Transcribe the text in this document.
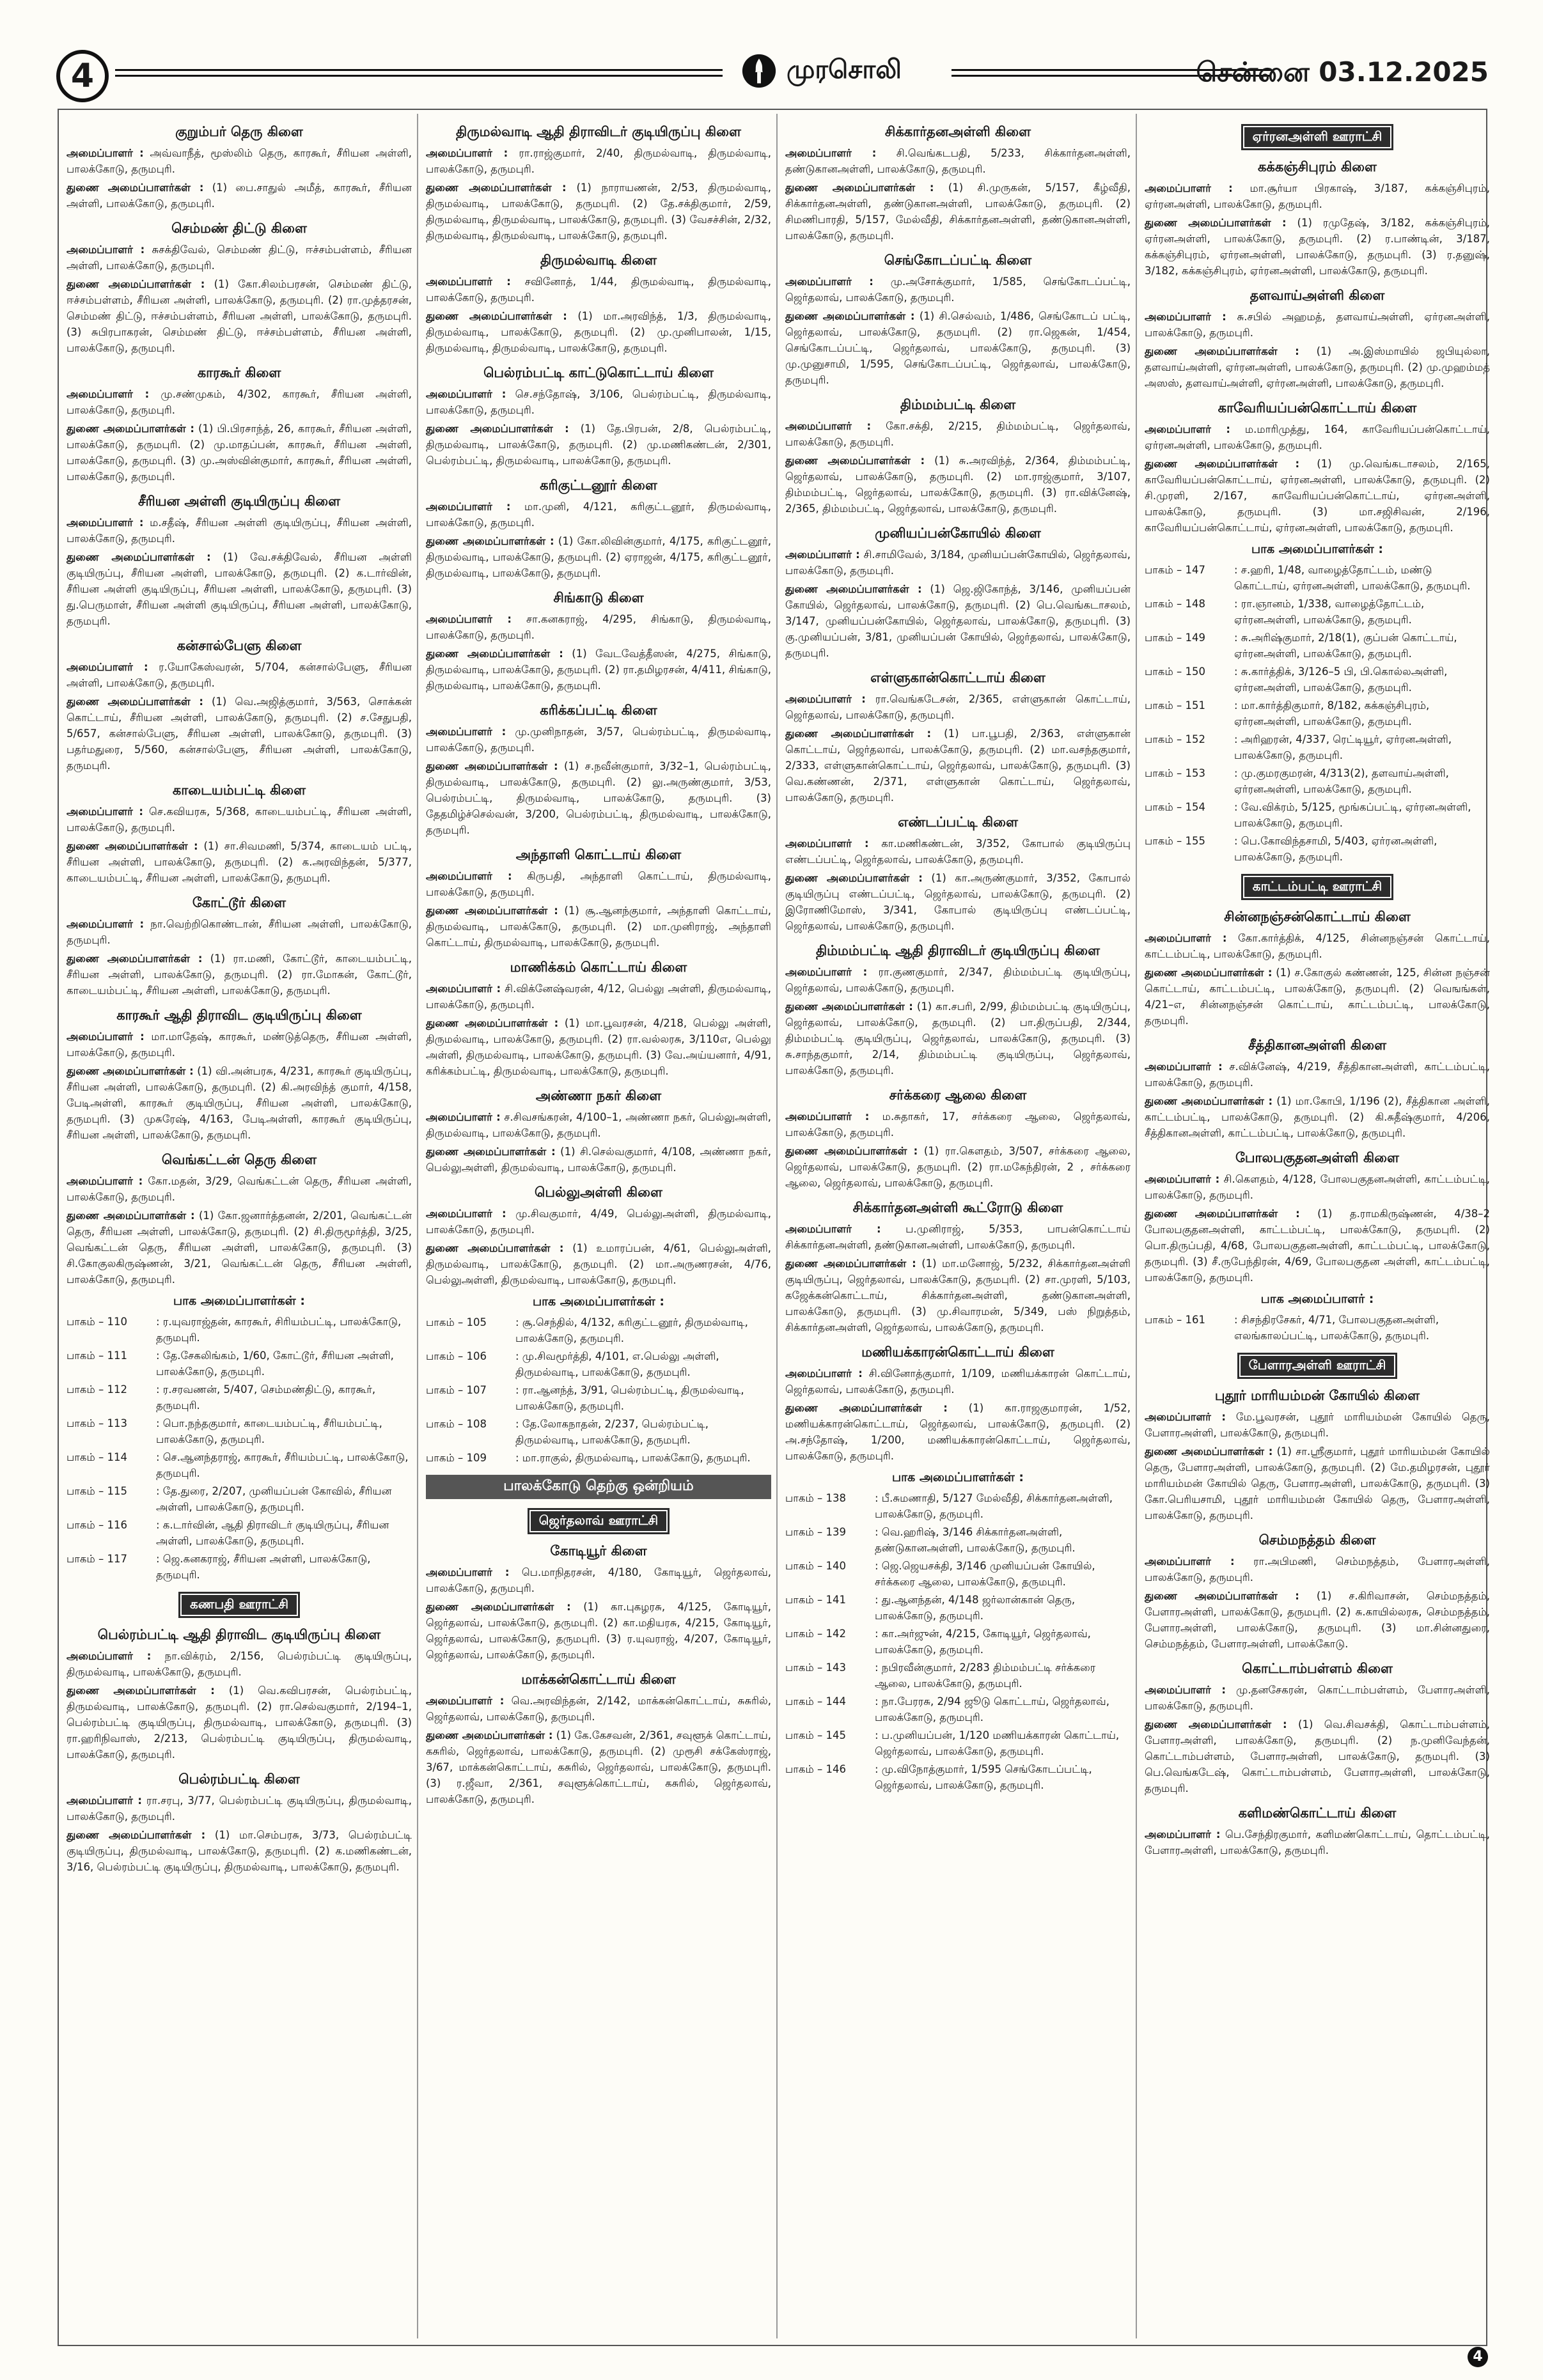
4	முரசொலி	சென்னை 03.12.2025
குறும்பர் தெரு கிளை
அமைப்பாளர் : அவ்வாநீத், மூஸ்லிம் தெரு, காரகூர், சீரியன அள்ளி, பாலக்கோடு, தருமபுரி.
துணை அமைப்பாளர்கள் : (1) பை.சாதுல் அமீத், காரகூர், சீரியன அள்ளி, பாலக்கோடு, தருமபுரி.
செம்மண் திட்டு கிளை
அமைப்பாளர் : சுசக்திவேல், செம்மண் திட்டு, ஈச்சம்பள்ளம், சீரியன அள்ளி, பாலக்கோடு, தருமபுரி.
துணை அமைப்பாளர்கள் : (1) கோ.சிலம்பரசன், செம்மண் திட்டு, ஈச்சம்பள்ளம், சீரியன அள்ளி, பாலக்கோடு, தருமபுரி. (2) ரா.முத்தரசன், செம்மண் திட்டு, ஈச்சம்பள்ளம், சீரியன அள்ளி, பாலக்கோடு, தருமபுரி. (3) சுபிரபாகரன், செம்மண் திட்டு, ஈச்சம்பள்ளம், சீரியன அள்ளி, பாலக்கோடு, தருமபுரி.
காரகூர் கிளை
அமைப்பாளர் : மு.சண்முகம், 4/302, காரகூர், சீரியன அள்ளி, பாலக்கோடு, தருமபுரி.
துணை அமைப்பாளர்கள் : (1) பி.பிரசாந்த், 26, காரகூர், சீரியன அள்ளி, பாலக்கோடு, தருமபுரி. (2) மு.மாதப்பன், காரகூர், சீரியன அள்ளி, பாலக்கோடு, தருமபுரி. (3) மு.அஸ்வின்குமார், காரகூர், சீரியன அள்ளி, பாலக்கோடு, தருமபுரி.
சீரியன அள்ளி குடியிருப்பு கிளை
அமைப்பாளர் : ம.சதீஷ், சீரியன அள்ளி குடியிருப்பு, சீரியன அள்ளி, பாலக்கோடு, தருமபுரி.
துணை அமைப்பாளர்கள் : (1) வே.சக்திவேல், சீரியன அள்ளி குடியிருப்பு, சீரியன அள்ளி, பாலக்கோடு, தருமபுரி. (2) க.டார்வின், சீரியன அள்ளி குடியிருப்பு, சீரியன அள்ளி, பாலக்கோடு, தருமபுரி. (3) து.பெருமாள், சீரியன அள்ளி குடியிருப்பு, சீரியன அள்ளி, பாலக்கோடு, தருமபுரி.
கன்சால்பேளு கிளை
அமைப்பாளர் : ர.யோகேஸ்வரன், 5/704, கன்சால்பேளு, சீரியன அள்ளி, பாலக்கோடு, தருமபுரி.
துணை அமைப்பாளர்கள் : (1) வெ.அஜித்குமார், 3/563, சொக்கன் கொட்டாய், சீரியன அள்ளி, பாலக்கோடு, தருமபுரி. (2) ச.சேதுபதி, 5/657, கன்சால்பேளு, சீரியன அள்ளி, பாலக்கோடு, தருமபுரி. (3) பதர்மதுரை, 5/560, கன்சால்பேளு, சீரியன அள்ளி, பாலக்கோடு, தருமபுரி.
காடையம்பட்டி கிளை
அமைப்பாளர் : செ.கவியரசு, 5/368, காடையம்பட்டி, சீரியன அள்ளி, பாலக்கோடு, தருமபுரி.
துணை அமைப்பாளர்கள் : (1) சா.சிவமணி, 5/374, காடையம் பட்டி, சீரியன அள்ளி, பாலக்கோடு, தருமபுரி. (2) க.அரவிந்தன், 5/377, காடையம்பட்டி, சீரியன அள்ளி, பாலக்கோடு, தருமபுரி.
கோட்டூர் கிளை
அமைப்பாளர் : நா.வெற்றிகொண்டான், சீரியன அள்ளி, பாலக்கோடு, தருமபுரி.
துணை அமைப்பாளர்கள் : (1) ரா.மணி, கோட்டூர், காடையம்பட்டி, சீரியன அள்ளி, பாலக்கோடு, தருமபுரி. (2) ரா.மோகன், கோட்டூர், காடையம்பட்டி, சீரியன அள்ளி, பாலக்கோடு, தருமபுரி.
காரகூர் ஆதி திராவிட குடியிருப்பு கிளை
அமைப்பாளர் : மா.மாதேஷ், காரகூர், மண்டுத்தெரு, சீரியன அள்ளி, பாலக்கோடு, தருமபுரி.
துணை அமைப்பாளர்கள் : (1) வி.அன்பரசு, 4/231, காரகூர் குடியிருப்பு, சீரியன அள்ளி, பாலக்கோடு, தருமபுரி. (2) கி.அரவிந்த் குமார், 4/158, பேடிஅள்ளி, காரகூர் குடியிருப்பு, சீரியன அள்ளி, பாலக்கோடு, தருமபுரி. (3) முசுரேஷ், 4/163, பேடிஅள்ளி, காரகூர் குடியிருப்பு, சீரியன அள்ளி, பாலக்கோடு, தருமபுரி.
வெங்கட்டன் தெரு கிளை
அமைப்பாளர் : கோ.மதன், 3/29, வெங்கட்டன் தெரு, சீரியன அள்ளி, பாலக்கோடு, தருமபுரி.
துணை அமைப்பாளர்கள் : (1) கோ.ஜனார்த்தனன், 2/201, வெங்கட்டன் தெரு, சீரியன அள்ளி, பாலக்கோடு, தருமபுரி. (2) சி.திருமூர்த்தி, 3/25, வெங்கட்டன் தெரு, சீரியன அள்ளி, பாலக்கோடு, தருமபுரி. (3) சி.கோகுலகிருஷ்ணன், 3/21, வெங்கட்டன் தெரு, சீரியன அள்ளி, பாலக்கோடு, தருமபுரி.
பாக அமைப்பாளர்கள் :
பாகம் – 110	: ர.யுவராஜ்தன், காரகூர், சிரியம்பட்டி, பாலக்கோடு, தருமபுரி.
பாகம் – 111	: தே.சேகலிங்கம், 1/60, கோட்டூர், சீரியன அள்ளி, பாலக்கோடு, தருமபுரி.
பாகம் – 112	: ர.சரவணன், 5/407, செம்மண்திட்டு, காரகூர், தருமபுரி.
பாகம் – 113	: பொ.நந்தகுமார், காடையம்பட்டி, சீரியம்பட்டி, பாலக்கோடு, தருமபுரி.
பாகம் – 114	: செ.ஆனந்தராஜ், காரகூர், சீரியம்பட்டி, பாலக்கோடு, தருமபுரி.
பாகம் – 115	: தே.துரை, 2/207, முனியப்பன் கோவில், சீரியன அள்ளி, பாலக்கோடு, தருமபுரி.
பாகம் – 116	: க.டார்வின், ஆதி திராவிடர் குடியிருப்பு, சீரியன அள்ளி, பாலக்கோடு, தருமபுரி.
பாகம் – 117	: ஜெ.கனகராஜ், சீரியன அள்ளி, பாலக்கோடு, தருமபுரி.
கணபதி ஊராட்சி
பெல்ரம்பட்டி ஆதி திராவிட குடியிருப்பு கிளை
அமைப்பாளர் : நா.விக்ரம், 2/156, பெல்ரம்பட்டி குடியிருப்பு, திருமல்வாடி, பாலக்கோடு, தருமபுரி.
துணை அமைப்பாளர்கள் : (1) வெ.கவிபரசன், பெல்ரம்பட்டி, திருமல்வாடி, பாலக்கோடு, தருமபுரி. (2) ரா.செல்வகுமார், 2/194–1, பெல்ரம்பட்டி குடியிருப்பு, திருமல்வாடி, பாலக்கோடு, தருமபுரி. (3) ரா.ஹரிநிவாஸ், 2/213, பெல்ரம்பட்டி குடியிருப்பு, திருமல்வாடி, பாலக்கோடு, தருமபுரி.
பெல்ரம்பட்டி கிளை
அமைப்பாளர் : ரா.சரபு, 3/77, பெல்ரம்பட்டி குடியிருப்பு, திருமல்வாடி, பாலக்கோடு, தருமபுரி.
துணை அமைப்பாளர்கள் : (1) மா.செம்பரசு, 3/73, பெல்ரம்பட்டி குடியிருப்பு, திருமல்வாடி, பாலக்கோடு, தருமபுரி. (2) க.மணிகண்டன், 3/16, பெல்ரம்பட்டி குடியிருப்பு, திருமல்வாடி, பாலக்கோடு, தருமபுரி.
திருமல்வாடி ஆதி திராவிடர் குடியிருப்பு கிளை
அமைப்பாளர் : ரா.ராஜ்குமார், 2/40, திருமல்வாடி, திருமல்வாடி, பாலக்கோடு, தருமபுரி.
துணை அமைப்பாளர்கள் : (1) நாராயணன், 2/53, திருமல்வாடி, திருமல்வாடி, பாலக்கோடு, தருமபுரி. (2) தே.சக்திகுமார், 2/59, திருமல்வாடி, திருமல்வாடி, பாலக்கோடு, தருமபுரி. (3) வேசச்சின், 2/32, திருமல்வாடி, திருமல்வாடி, பாலக்கோடு, தருமபுரி.
திருமல்வாடி கிளை
அமைப்பாளர் : சவினோத், 1/44, திருமல்வாடி, திருமல்வாடி, பாலக்கோடு, தருமபுரி.
துணை அமைப்பாளர்கள் : (1) மா.அரவிந்த், 1/3, திருமல்வாடி, திருமல்வாடி, பாலக்கோடு, தருமபுரி. (2) மு.முனிபாலன், 1/15, திருமல்வாடி, திருமல்வாடி, பாலக்கோடு, தருமபுரி.
பெல்ரம்பட்டி காட்டுகொட்டாய் கிளை
அமைப்பாளர் : செ.சந்தோஷ், 3/106, பெல்ரம்பட்டி, திருமல்வாடி, பாலக்கோடு, தருமபுரி.
துணை அமைப்பாளர்கள் : (1) தே.பிரபன், 2/8, பெல்ரம்பட்டி, திருமல்வாடி, பாலக்கோடு, தருமபுரி. (2) மு.மணிகண்டன், 2/301, பெல்ரம்பட்டி, திருமல்வாடி, பாலக்கோடு, தருமபுரி.
கரிகுட்டனூர் கிளை
அமைப்பாளர் : மா.முனி, 4/121, கரிகுட்டனூர், திருமல்வாடி, பாலக்கோடு, தருமபுரி.
துணை அமைப்பாளர்கள் : (1) கோ.லிவின்குமார், 4/175, கரிகுட்டனூர், திருமல்வாடி, பாலக்கோடு, தருமபுரி. (2) ஏராஜன், 4/175, கரிகுட்டனூர், திருமல்வாடி, பாலக்கோடு, தருமபுரி.
சிங்காடு கிளை
அமைப்பாளர் : சா.கனகராஜ், 4/295, சிங்காடு, திருமல்வாடி, பாலக்கோடு, தருமபுரி.
துணை அமைப்பாளர்கள் : (1) வேடவேத்தீஸன், 4/275, சிங்காடு, திருமல்வாடி, பாலக்கோடு, தருமபுரி. (2) ரா.தமிழரசன், 4/411, சிங்காடு, திருமல்வாடி, பாலக்கோடு, தருமபுரி.
கரிக்கப்பட்டி கிளை
அமைப்பாளர் : மு.முனிநாதன், 3/57, பெல்ரம்பட்டி, திருமல்வாடி, பாலக்கோடு, தருமபுரி.
துணை அமைப்பாளர்கள் : (1) ச.நவீன்குமார், 3/32–1, பெல்ரம்பட்டி, திருமல்வாடி, பாலக்கோடு, தருமபுரி. (2) லு.அருண்குமார், 3/53, பெல்ரம்பட்டி, திருமல்வாடி, பாலக்கோடு, தருமபுரி. (3) தேதமிழ்ச்செல்வன், 3/200, பெல்ரம்பட்டி, திருமல்வாடி, பாலக்கோடு, தருமபுரி.
அந்தாளி கொட்டாய் கிளை
அமைப்பாளர் : கிருபதி, அந்தாளி கொட்டாய், திருமல்வாடி, பாலக்கோடு, தருமபுரி.
துணை அமைப்பாளர்கள் : (1) சூ.ஆனந்குமார், அந்தாளி கொட்டாய், திருமல்வாடி, பாலக்கோடு, தருமபுரி. (2) மா.முனிராஜ், அந்தாளி கொட்டாய், திருமல்வாடி, பாலக்கோடு, தருமபுரி.
மாணிக்கம் கொட்டாய் கிளை
அமைப்பாளர் : சி.விக்னேஷ்வரன், 4/12, பெல்லு அள்ளி, திருமல்வாடி, பாலக்கோடு, தருமபுரி.
துணை அமைப்பாளர்கள் : (1) மா.பூவரசன், 4/218, பெல்லு அள்ளி, திருமல்வாடி, பாலக்கோடு, தருமபுரி. (2) ரா.வல்லரசு, 3/110எ, பெல்லு அள்ளி, திருமல்வாடி, பாலக்கோடு, தருமபுரி. (3) வே.அய்யனார், 4/91, கரிக்கம்பட்டி, திருமல்வாடி, பாலக்கோடு, தருமபுரி.
அண்ணா நகர் கிளை
அமைப்பாளர் : ச.சிவசங்கரன், 4/100–1, அண்ணா நகர், பெல்லுஅள்ளி, திருமல்வாடி, பாலக்கோடு, தருமபுரி.
துணை அமைப்பாளர்கள் : (1) சி.செல்வகுமார், 4/108, அண்ணா நகர், பெல்லுஅள்ளி, திருமல்வாடி, பாலக்கோடு, தருமபுரி.
பெல்லுஅள்ளி கிளை
அமைப்பாளர் : மு.சிவகுமார், 4/49, பெல்லுஅள்ளி, திருமல்வாடி, பாலக்கோடு, தருமபுரி.
துணை அமைப்பாளர்கள் : (1) உமாரப்பன், 4/61, பெல்லுஅள்ளி, திருமல்வாடி, பாலக்கோடு, தருமபுரி. (2) மா.அருணரசன், 4/76, பெல்லுஅள்ளி, திருமல்வாடி, பாலக்கோடு, தருமபுரி.
பாக அமைப்பாளர்கள் :
பாகம் – 105	: சூ.செந்தில், 4/132, கரிகுட்டனூர், திருமல்வாடி, பாலக்கோடு, தருமபுரி.
பாகம் – 106	: மு.சிவமூர்த்தி, 4/101, எ.பெல்லு அள்ளி, திருமல்வாடி, பாலக்கோடு, தருமபுரி.
பாகம் – 107	: ரா.ஆனந்த், 3/91, பெல்ரம்பட்டி, திருமல்வாடி, பாலக்கோடு, தருமபுரி.
பாகம் – 108	: தே.லோகநாதன், 2/237, பெல்ரம்பட்டி, திருமல்வாடி, பாலக்கோடு, தருமபுரி.
பாகம் – 109	: மா.ராகுல், திருமல்வாடி, பாலக்கோடு, தருமபுரி.
பாலக்கோடு தெற்கு ஒன்றியம்
ஜெர்தலாவ் ஊராட்சி
கோடியூர் கிளை
அமைப்பாளர் : பெ.மாநிதரசன், 4/180, கோடியூர், ஜெர்தலாவ், பாலக்கோடு, தருமபுரி.
துணை அமைப்பாளர்கள் : (1) கா.புகழரசு, 4/125, கோடியூர், ஜெர்தலாவ், பாலக்கோடு, தருமபுரி. (2) கா.மதியரசு, 4/215, கோடியூர், ஜெர்தலாவ், பாலக்கோடு, தருமபுரி. (3) ர.யுவராஜ், 4/207, கோடியூர், ஜெர்தலாவ், பாலக்கோடு, தருமபுரி.
மாக்கன்கொட்டாய் கிளை
அமைப்பாளர் : வெ.அரவிந்தன், 2/142, மாக்கன்கொட்டாய், சுசுரில், ஜெர்தலாவ், பாலக்கோடு, தருமபுரி.
துணை அமைப்பாளர்கள் : (1) கே.கேசவன், 2/361, சவுளூக் கொட்டாய், கசுரில், ஜெர்தலாவ், பாலக்கோடு, தருமபுரி. (2) முரூசி சக்கேஸ்ராஜ், 3/67, மாக்கன்கொட்டாய், கசுரில், ஜெர்தலாவ், பாலக்கோடு, தருமபுரி. (3) ர.ஜீவா, 2/361, சவுளூக்கொட்டாய், கசுரில், ஜெர்தலாவ், பாலக்கோடு, தருமபுரி.
சிக்கார்தனஅள்ளி கிளை
அமைப்பாளர் : சி.வெங்கடபதி, 5/233, சிக்கார்தனஅள்ளி, தண்டுகானஅள்ளி, பாலக்கோடு, தருமபுரி.
துணை அமைப்பாளர்கள் : (1) சி.முருகன், 5/157, கீழ்வீதி, சிக்கார்தனஅள்ளி, தண்டுகானஅள்ளி, பாலக்கோடு, தருமபுரி. (2) சிமணிபாரதி, 5/157, மேல்வீதி, சிக்கார்தனஅள்ளி, தண்டுகானஅள்ளி, பாலக்கோடு, தருமபுரி.
செங்கோடப்பட்டி கிளை
அமைப்பாளர் : மு.அசோக்குமார், 1/585, செங்கோடப்பட்டி, ஜெர்தலாவ், பாலக்கோடு, தருமபுரி.
துணை அமைப்பாளர்கள் : (1) சி.செல்வம், 1/486, செங்கோடப் பட்டி, ஜெர்தலாவ், பாலக்கோடு, தருமபுரி. (2) ரா.ஜெகன், 1/454, செங்கோடப்பட்டி, ஜெர்தலாவ், பாலக்கோடு, தருமபுரி. (3) மு.முனுசாமி, 1/595, செங்கோடப்பட்டி, ஜெர்தலாவ், பாலக்கோடு, தருமபுரி.
திம்மம்பட்டி கிளை
அமைப்பாளர் : கோ.சக்தி, 2/215, திம்மம்பட்டி, ஜெர்தலாவ், பாலக்கோடு, தருமபுரி.
துணை அமைப்பாளர்கள் : (1) சு.அரவிந்த், 2/364, திம்மம்பட்டி, ஜெர்தலாவ், பாலக்கோடு, தருமபுரி. (2) மா.ராஜ்குமார், 3/107, திம்மம்பட்டி, ஜெர்தலாவ், பாலக்கோடு, தருமபுரி. (3) ரா.விக்னேஷ், 2/365, திம்மம்பட்டி, ஜெர்தலாவ், பாலக்கோடு, தருமபுரி.
முனியப்பன்கோயில் கிளை
அமைப்பாளர் : சி.சாமிவேல், 3/184, முனியப்பன்கோயில், ஜெர்தலாவ், பாலக்கோடு, தருமபுரி.
துணை அமைப்பாளர்கள் : (1) ஜெ.ஜிகோந்த், 3/146, முனியப்பன் கோயில், ஜெர்தலாவ், பாலக்கோடு, தருமபுரி. (2) பெ.வெங்கடாசலம், 3/147, முனியப்பன்கோயில், ஜெர்தலாவ், பாலக்கோடு, தருமபுரி. (3) கு.முனியப்பன், 3/81, முனியப்பன் கோயில், ஜெர்தலாவ், பாலக்கோடு, தருமபுரி.
எள்ளுகான்கொட்டாய் கிளை
அமைப்பாளர் : ரா.வெங்கடேசன், 2/365, எள்ளுகான் கொட்டாய், ஜெர்தலாவ், பாலக்கோடு, தருமபுரி.
துணை அமைப்பாளர்கள் : (1) பா.பூபதி, 2/363, எள்ளுகான் கொட்டாய், ஜெர்தலாவ், பாலக்கோடு, தருமபுரி. (2) மா.வசந்தகுமார், 2/333, எள்ளுகான்கொட்டாய், ஜெர்தலாவ், பாலக்கோடு, தருமபுரி. (3) வெ.கண்ணன், 2/371, எள்ளுகான் கொட்டாய், ஜெர்தலாவ், பாலக்கோடு, தருமபுரி.
எண்டப்பட்டி கிளை
அமைப்பாளர் : கா.மணிகண்டன், 3/352, கோபால் குடியிருப்பு எண்டப்பட்டி, ஜெர்தலாவ், பாலக்கோடு, தருமபுரி.
துணை அமைப்பாளர்கள் : (1) கா.அருண்குமார், 3/352, கோபால் குடியிருப்பு எண்டப்பட்டி, ஜெர்தலாவ், பாலக்கோடு, தருமபுரி. (2) இரோணிமோஸ், 3/341, கோபால் குடியிருப்பு எண்டப்பட்டி, ஜெர்தலாவ், பாலக்கோடு, தருமபுரி.
திம்மம்பட்டி ஆதி திராவிடர் குடியிருப்பு கிளை
அமைப்பாளர் : ரா.குணகுமார், 2/347, திம்மம்பட்டி குடியிருப்பு, ஜெர்தலாவ், பாலக்கோடு, தருமபுரி.
துணை அமைப்பாளர்கள் : (1) கா.சபரி, 2/99, திம்மம்பட்டி குடியிருப்பு, ஜெர்தலாவ், பாலக்கோடு, தருமபுரி. (2) பா.திருப்பதி, 2/344, திம்மம்பட்டி குடியிருப்பு, ஜெர்தலாவ், பாலக்கோடு, தருமபுரி. (3) சு.சாந்தகுமார், 2/14, திம்மம்பட்டி குடியிருப்பு, ஜெர்தலாவ், பாலக்கோடு, தருமபுரி.
சர்க்கரை ஆலை கிளை
அமைப்பாளர் : ம.சுதாகர், 17, சர்க்கரை ஆலை, ஜெர்தலாவ், பாலக்கோடு, தருமபுரி.
துணை அமைப்பாளர்கள் : (1) ரா.கௌதம், 3/507, சர்க்கரை ஆலை, ஜெர்தலாவ், பாலக்கோடு, தருமபுரி. (2) ரா.மகேந்திரன், 2 , சர்க்கரை ஆலை, ஜெர்தலாவ், பாலக்கோடு, தருமபுரி.
சிக்கார்தனஅள்ளி கூட்ரோடு கிளை
அமைப்பாளர் : ப.முனிராஜ், 5/353, பாபன்கொட்டாய் சிக்கார்தனஅள்ளி, தண்டுகானஅள்ளி, பாலக்கோடு, தருமபுரி.
துணை அமைப்பாளர்கள் : (1) மா.மனோஜ், 5/232, சிக்கார்தனஅள்ளி குடியிருப்பு, ஜெர்தலாவ், பாலக்கோடு, தருமபுரி. (2) சா.முரளி, 5/103, கஜேக்கன்கொட்டாய், சிக்கார்தனஅள்ளி, தண்டுகானஅள்ளி, பாலக்கோடு, தருமபுரி. (3) மு.சிவாரமன், 5/349, பஸ் நிறுத்தம், சிக்கார்தனஅள்ளி, ஜெர்தலாவ், பாலக்கோடு, தருமபுரி.
மணியக்காரன்கொட்டாய் கிளை
அமைப்பாளர் : சி.வினோத்குமார், 1/109, மணியக்காரன் கொட்டாய், ஜெர்தலாவ், பாலக்கோடு, தருமபுரி.
துணை அமைப்பாளர்கள் : (1) கா.ராஜகுமாரன், 1/52, மணியக்காரன்கொட்டாய், ஜெர்தலாவ், பாலக்கோடு, தருமபுரி. (2) அ.சந்தோஷ், 1/200, மணியக்காரன்கொட்டாய், ஜெர்தலாவ், பாலக்கோடு, தருமபுரி.
பாக அமைப்பாளர்கள் :
பாகம் – 138	: பீ.சுமணாதி, 5/127 மேல்வீதி, சிக்கார்தனஅள்ளி, பாலக்கோடு, தருமபுரி.
பாகம் – 139	: வெ.ஹரிஷ், 3/146 சிக்கார்தனஅள்ளி, தண்டுகானஅள்ளி, பாலக்கோடு, தருமபுரி.
பாகம் – 140	: ஜெ.ஜெயசக்தி, 3/146 முனியப்பன் கோயில், சர்க்கரை ஆலை, பாலக்கோடு, தருமபுரி.
பாகம் – 141	: து.ஆனந்தன், 4/148 ஜர்லான்கான் தெரு, பாலக்கோடு, தருமபுரி.
பாகம் – 142	: கா.அர்ஜுன், 4/215, கோடியூர், ஜெர்தலாவ், பாலக்கோடு, தருமபுரி.
பாகம் – 143	: நபிரவீன்குமார், 2/283 திம்மம்பட்டி சர்க்கரை ஆலை, பாலக்கோடு, தருமபுரி.
பாகம் – 144	: நா.பேரரசு, 2/94 ஜூடு கொட்டாய், ஜெர்தலாவ், பாலக்கோடு, தருமபுரி.
பாகம் – 145	: ப.முனியப்பன், 1/120 மணியக்காரன் கொட்டாய், ஜெர்தலாவ், பாலக்கோடு, தருமபுரி.
பாகம் – 146	: மு.விநோத்குமார், 1/595 செங்கோடப்பட்டி, ஜெர்தலாவ், பாலக்கோடு, தருமபுரி.
ஏர்ரனஅள்ளி ஊராட்சி
கக்கஞ்சிபுரம் கிளை
அமைப்பாளர் : மா.சூர்யா பிரகாஷ், 3/187, கக்கஞ்சிபுரம், ஏர்ரனஅள்ளி, பாலக்கோடு, தருமபுரி.
துணை அமைப்பாளர்கள் : (1) ரமுதேஷ், 3/182, கக்கஞ்சிபுரம், ஏர்ரனஅள்ளி, பாலக்கோடு, தருமபுரி. (2) ர.பாண்டின், 3/187, கக்கஞ்சிபுரம், ஏர்ரனஅள்ளி, பாலக்கோடு, தருமபுரி. (3) ர.தனுஷ், 3/182, கக்கஞ்சிபுரம், ஏர்ரனஅள்ளி, பாலக்கோடு, தருமபுரி.
தளவாய்அள்ளி கிளை
அமைப்பாளர் : சு.சபில் அஹமத், தளவாய்அள்ளி, ஏர்ரனஅள்ளி, பாலக்கோடு, தருமபுரி.
துணை அமைப்பாளர்கள் : (1) அ.இஸ்மாயில் ஜபியுல்லா, தளவாய்அள்ளி, ஏர்ரனஅள்ளி, பாலக்கோடு, தருமபுரி. (2) மு.முஹம்மத் அஸஸ், தளவாய்அள்ளி, ஏர்ரனஅள்ளி, பாலக்கோடு, தருமபுரி.
காவேரியப்பன்கொட்டாய் கிளை
அமைப்பாளர் : ம.மாரிமுத்து, 164, காவேரியப்பன்கொட்டாய், ஏர்ரனஅள்ளி, பாலக்கோடு, தருமபுரி.
துணை அமைப்பாளர்கள் : (1) மு.வெங்கடாசலம், 2/165, காவேரியப்பன்கொட்டாய், ஏர்ரனஅள்ளி, பாலக்கோடு, தருமபுரி. (2) சி.முரளி, 2/167, காவேரியப்பன்கொட்டாய், ஏர்ரனஅள்ளி, பாலக்கோடு, தருமபுரி. (3) மா.சஜிசிவன், 2/196, காவேரியப்பன்கொட்டாய், ஏர்ரனஅள்ளி, பாலக்கோடு, தருமபுரி.
பாக அமைப்பாளர்கள் :
பாகம் – 147	: ச.ஹரி, 1/48, வாழைத்தோட்டம், மண்டு கொட்டாய், ஏர்ரனஅள்ளி, பாலக்கோடு, தருமபுரி.
பாகம் – 148	: ரா.ஞானம், 1/338, வாழைத்தோட்டம், ஏர்ரனஅள்ளி, பாலக்கோடு, தருமபுரி.
பாகம் – 149	: சு.அரிஷ்குமார், 2/18(1), குப்பன் கொட்டாய், ஏர்ரனஅள்ளி, பாலக்கோடு, தருமபுரி.
பாகம் – 150	: சு.கார்த்திக், 3/126–5 பி, பி.கொல்லஅள்ளி, ஏர்ரனஅள்ளி, பாலக்கோடு, தருமபுரி.
பாகம் – 151	: மா.கார்த்திகுமார், 8/182, கக்கஞ்சிபுரம், ஏர்ரனஅள்ளி, பாலக்கோடு, தருமபுரி.
பாகம் – 152	: அரிஹரன், 4/337, ரெட்டியூர், ஏர்ரனஅள்ளி, பாலக்கோடு, தருமபுரி.
பாகம் – 153	: மு.குமரகுமரன், 4/313(2), தளவாய்அள்ளி, ஏர்ரனஅள்ளி, பாலக்கோடு, தருமபுரி.
பாகம் – 154	: வே.விக்ரம், 5/125, மூங்கப்பட்டி, ஏர்ரனஅள்ளி, பாலக்கோடு, தருமபுரி.
பாகம் – 155	: பெ.கோவிந்தசாமி, 5/403, ஏர்ரனஅள்ளி, பாலக்கோடு, தருமபுரி.
காட்டம்பட்டி ஊராட்சி
சின்னநஞ்சன்கொட்டாய் கிளை
அமைப்பாளர் : கோ.கார்த்திக், 4/125, சின்னநஞ்சன் கொட்டாய், காட்டம்பட்டி, பாலக்கோடு, தருமபுரி.
துணை அமைப்பாளர்கள் : (1) ச.கோகுல் கண்ணன், 125, சின்ன நஞ்சன் கொட்டாய், காட்டம்பட்டி, பாலக்கோடு, தருமபுரி. (2) வெஙங்கள், 4/21–எ, சின்னநஞ்சன் கொட்டாய், காட்டம்பட்டி, பாலக்கோடு, தருமபுரி.
சீத்திகானஅள்ளி கிளை
அமைப்பாளர் : ச.விக்னேஷ், 4/219, சீத்திகானஅள்ளி, காட்டம்பட்டி, பாலக்கோடு, தருமபுரி.
துணை அமைப்பாளர்கள் : (1) மா.கோபி, 1/196 (2), சீத்திகான அள்ளி, காட்டம்பட்டி, பாலக்கோடு, தருமபுரி. (2) கி.சுதீஷ்குமார், 4/206, சீத்திகானஅள்ளி, காட்டம்பட்டி, பாலக்கோடு, தருமபுரி.
போலபகுதனஅள்ளி கிளை
அமைப்பாளர் : சி.கௌதம், 4/128, போலபகுதனஅள்ளி, காட்டம்பட்டி, பாலக்கோடு, தருமபுரி.
துணை அமைப்பாளர்கள் : (1) த.ராமகிருஷ்ணன், 4/38–2 போலபகுதனஅள்ளி, காட்டம்பட்டி, பாலக்கோடு, தருமபுரி. (2) பொ.திருப்பதி, 4/68, போலபகுதனஅள்ளி, காட்டம்பட்டி, பாலக்கோடு, தருமபுரி. (3) சீ.ருபேந்திரன், 4/69, போலபகுதன அள்ளி, காட்டம்பட்டி, பாலக்கோடு, தருமபுரி.
பாக அமைப்பாளர் :
பாகம் – 161	: சிசந்திரசேகர், 4/71, போலபகுதனஅள்ளி, எலங்காலப்பட்டி, பாலக்கோடு, தருமபுரி.
பேளாரஅள்ளி ஊராட்சி
புதூர் மாரியம்மன் கோயில் கிளை
அமைப்பாளர் : மே.பூவரசன், புதூர் மாரியம்மன் கோயில் தெரு, பேளாரஅள்ளி, பாலக்கோடு, தருமபுரி.
துணை அமைப்பாளர்கள் : (1) சா.ஸ்ரீகுமார், புதூர் மாரியம்மன் கோயில் தெரு, பேளாரஅள்ளி, பாலக்கோடு, தருமபுரி. (2) மே.தமிழரசன், புதூர் மாரியம்மன் கோயில் தெரு, பேளாரஅள்ளி, பாலக்கோடு, தருமபுரி. (3) கோ.பெரியசாமி, புதூர் மாரியம்மன் கோயில் தெரு, பேளாரஅள்ளி, பாலக்கோடு, தருமபுரி.
செம்மநத்தம் கிளை
அமைப்பாளர் : ரா.அபிமணி, செம்மநத்தம், பேளாரஅள்ளி, பாலக்கோடு, தருமபுரி.
துணை அமைப்பாளர்கள் : (1) ச.கிரிவாசன், செம்மநத்தம், பேளாரஅள்ளி, பாலக்கோடு, தருமபுரி. (2) சு.காயில்லரசு, செம்மநத்தம், பேளாரஅள்ளி, பாலக்கோடு, தருமபுரி. (3) மா.சின்னதுரை, செம்மநத்தம், பேளாரஅள்ளி, பாலக்கோடு.
கொட்டாம்பள்ளம் கிளை
அமைப்பாளர் : மு.தனசேகரன், கொட்டாம்பள்ளம், பேளாரஅள்ளி, பாலக்கோடு, தருமபுரி.
துணை அமைப்பாளர்கள் : (1) வெ.சிவசக்தி, கொட்டாம்பள்ளம், பேளாரஅள்ளி, பாலக்கோடு, தருமபுரி. (2) ந.முனிவேந்தன், கொட்டாம்பள்ளம், பேளாரஅள்ளி, பாலக்கோடு, தருமபுரி. (3) பெ.வெங்கடேஷ், கொட்டாம்பள்ளம், பேளாரஅள்ளி, பாலக்கோடு, தருமபுரி.
களிமண்கொட்டாய் கிளை
அமைப்பாளர் : பெ.சேந்திரகுமார், களிமண்கொட்டாய், தொட்டம்பட்டி, பேளாரஅள்ளி, பாலக்கோடு, தருமபுரி.
4
